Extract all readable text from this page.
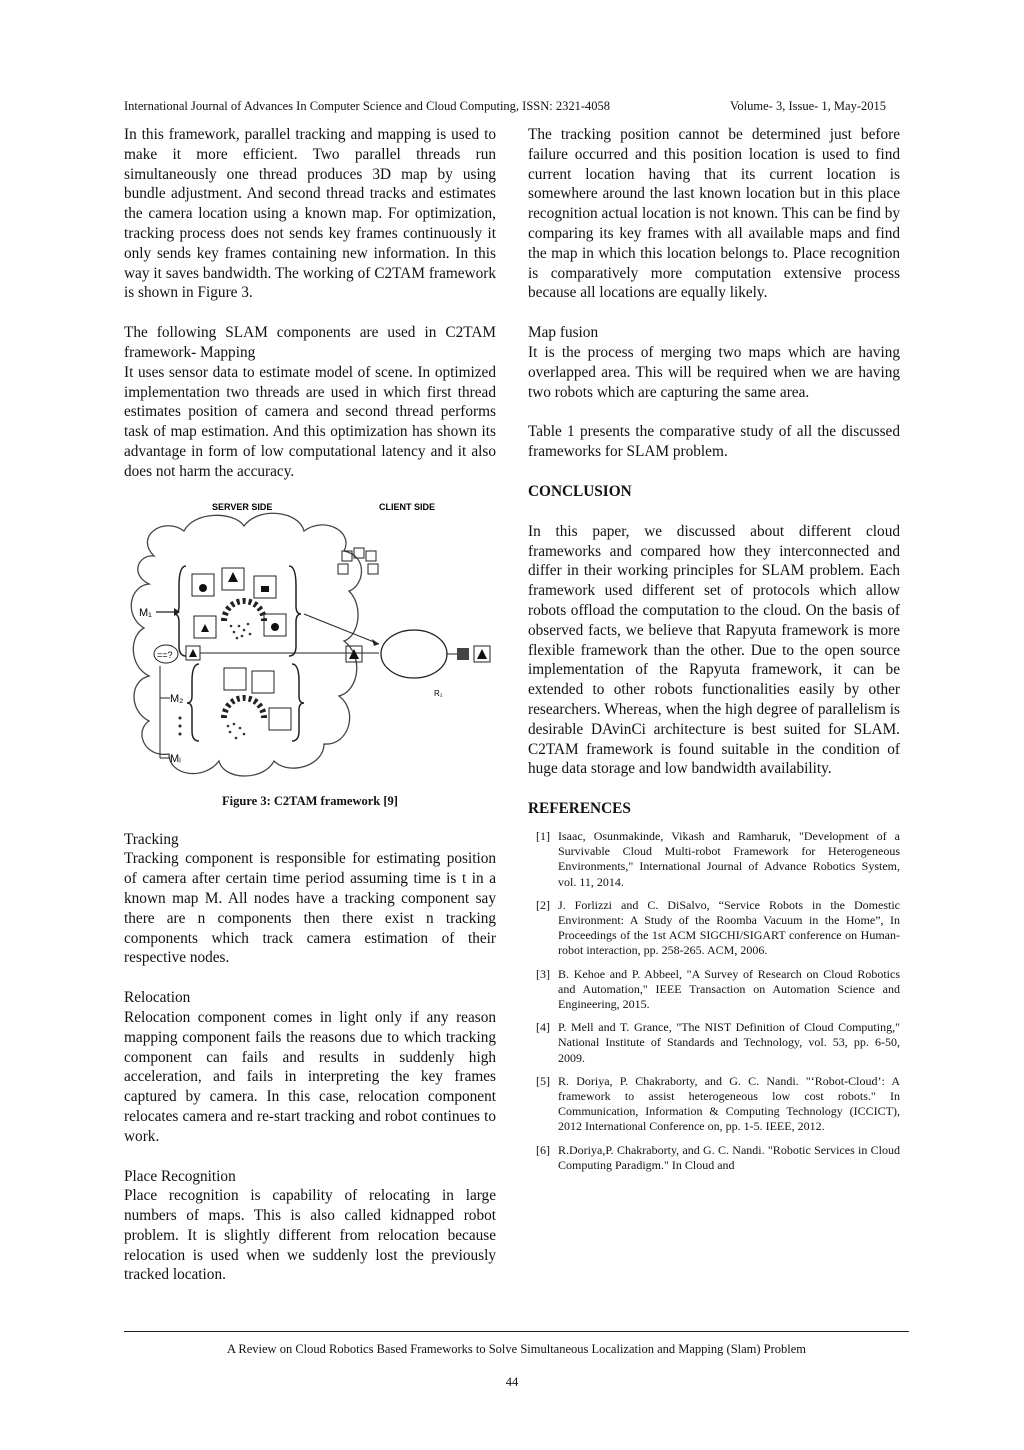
International Journal of Advances In Computer Science and Cloud Computing, ISSN: 2321-4058	Volume- 3, Issue- 1, May-2015

In this framework, parallel tracking and mapping is used to make it more efficient. Two parallel threads run simultaneously one thread produces 3D map by using bundle adjustment. And second thread tracks and estimates the camera location using a known map. For optimization, tracking process does not sends key frames continuously it only sends key frames containing new information. In this way it saves bandwidth. The working of C2TAM framework is shown in Figure 3.

The following SLAM components are used in C2TAM framework- Mapping

It uses sensor data to estimate model of scene. In optimized implementation two threads are used in which first thread estimates position of camera and second thread performs task of map estimation. And this optimization has shown its advantage in form of low computational latency and it also does not harm the accuracy.

SERVER SIDE	CLIENT SIDE
M₁
==?
R₁
M₂
Mᵢ
Figure 3: C2TAM framework [9]

Tracking

Tracking component is responsible for estimating position of camera after certain time period assuming time is t in a known map M. All nodes have a tracking component say there are n components then there exist n tracking components which track camera estimation of their respective nodes.

Relocation

Relocation component comes in light only if any reason mapping component fails the reasons due to which tracking component can fails and results in suddenly high acceleration, and fails in interpreting the key frames captured by camera. In this case, relocation component relocates camera and re-start tracking and robot continues to work.

Place Recognition

Place recognition is capability of relocating in large numbers of maps. This is also called kidnapped robot problem. It is slightly different from relocation because relocation is used when we suddenly lost the previously tracked location.

The tracking position cannot be determined just before failure occurred and this position location is used to find current location having that its current location is somewhere around the last known location but in this place recognition actual location is not known. This can be find by comparing its key frames with all available maps and find the map in which this location belongs to. Place recognition is comparatively more computation extensive process because all locations are equally likely.

Map fusion

It is the process of merging two maps which are having overlapped area. This will be required when we are having two robots which are capturing the same area.

Table 1 presents the comparative study of all the discussed frameworks for SLAM problem.

CONCLUSION

In this paper, we discussed about different cloud frameworks and compared how they interconnected and differ in their working principles for SLAM problem. Each framework used different set of protocols which allow robots offload the computation to the cloud. On the basis of observed facts, we believe that Rapyuta framework is more flexible framework than the other. Due to the open source implementation of the Rapyuta framework, it can be extended to other robots functionalities easily by other researchers. Whereas, when the high degree of parallelism is desirable DAvinCi architecture is best suited for SLAM. C2TAM framework is found suitable in the condition of huge data storage and low bandwidth availability.

REFERENCES

[1] Isaac, Osunmakinde, Vikash and Ramharuk, "Development of a Survivable Cloud Multi-robot Framework for Heterogeneous Environments," International Journal of Advance Robotics System, vol. 11, 2014.
[2] J. Forlizzi and C. DiSalvo, “Service Robots in the Domestic Environment: A Study of the Roomba Vacuum in the Home”, In Proceedings of the 1st ACM SIGCHI/SIGART conference on Human-robot interaction, pp. 258-265. ACM, 2006.
[3] B. Kehoe and P. Abbeel, "A Survey of Research on Cloud Robotics and Automation," IEEE Transaction on Automation Science and Engineering, 2015.
[4] P. Mell and T. Grance, "The NIST Definition of Cloud Computing," National Institute of Standards and Technology, vol. 53, pp. 6-50, 2009.
[5] R. Doriya, P. Chakraborty, and G. C. Nandi. "‘Robot-Cloud’: A framework to assist heterogeneous low cost robots." In Communication, Information & Computing Technology (ICCICT), 2012 International Conference on, pp. 1-5. IEEE, 2012.
[6] R.Doriya,P. Chakraborty, and G. C. Nandi. "Robotic Services in Cloud Computing Paradigm." In Cloud and
A Review on Cloud Robotics Based Frameworks to Solve Simultaneous Localization and Mapping (Slam) Problem
44
